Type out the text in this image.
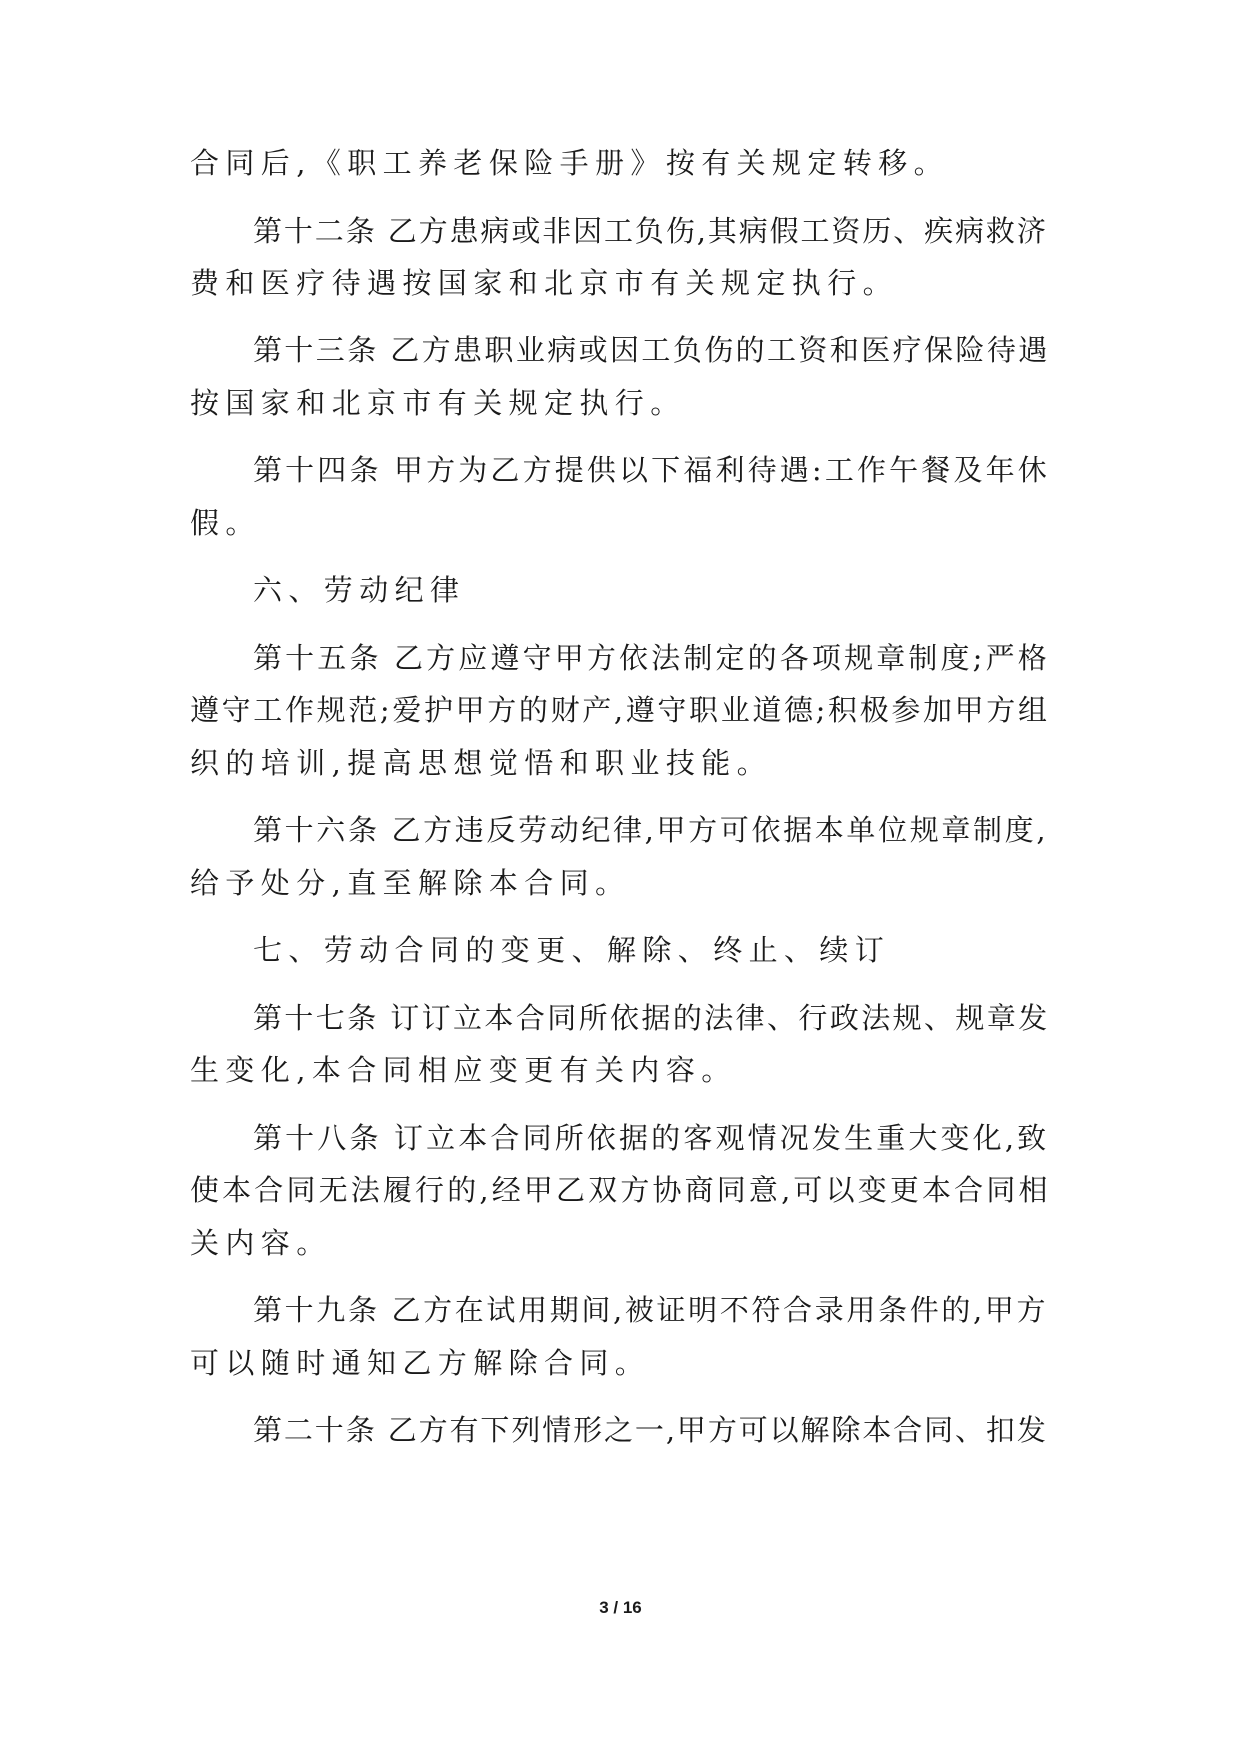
合同后,《职工养老保险手册》按有关规定转移。
第十二条 乙方患病或非因工负伤,其病假工资历、疾病救济
费和医疗待遇按国家和北京市有关规定执行。
第十三条 乙方患职业病或因工负伤的工资和医疗保险待遇
按国家和北京市有关规定执行。
第十四条 甲方为乙方提供以下福利待遇:工作午餐及年休
假。
六、劳动纪律
第十五条 乙方应遵守甲方依法制定的各项规章制度;严格
遵守工作规范;爱护甲方的财产,遵守职业道德;积极参加甲方组
织的培训,提高思想觉悟和职业技能。
第十六条 乙方违反劳动纪律,甲方可依据本单位规章制度,
给予处分,直至解除本合同。
七、劳动合同的变更、解除、终止、续订
第十七条 订订立本合同所依据的法律、行政法规、规章发
生变化,本合同相应变更有关内容。
第十八条 订立本合同所依据的客观情况发生重大变化,致
使本合同无法履行的,经甲乙双方协商同意,可以变更本合同相
关内容。
第十九条 乙方在试用期间,被证明不符合录用条件的,甲方
可以随时通知乙方解除合同。
第二十条 乙方有下列情形之一,甲方可以解除本合同、扣发
3 / 16
